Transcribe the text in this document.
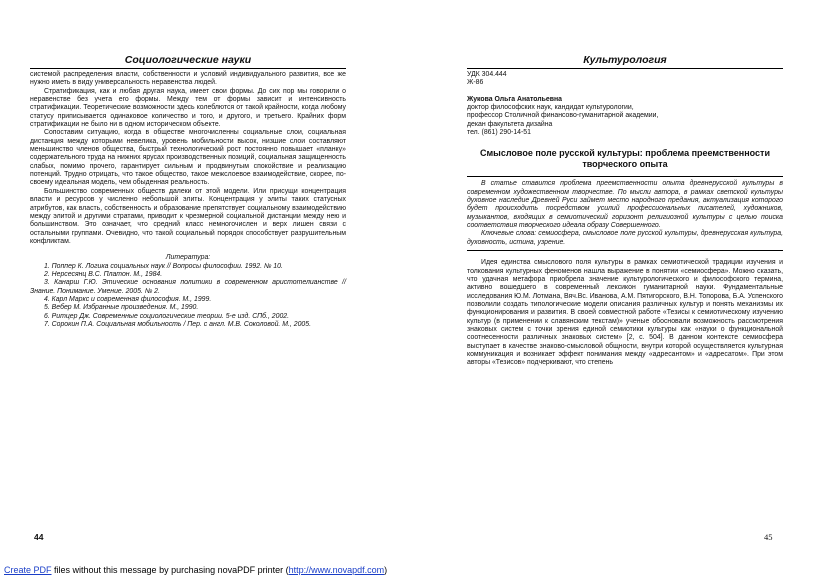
Социологические науки

системой распределения власти, собственности и условий индивидуального развития, все же нужно иметь в виду универсальность неравенства людей.

Стратификация, как и любая другая наука, имеет свои формы. До сих пор мы говорили о неравенстве без учета его формы. Между тем от формы зависит и интенсивность стратификации. Теоретические возможности здесь колеблются от такой крайности, когда любому статусу приписывается одинаковое количество и того, и другого, и третьего. Крайних форм стратификации не было ни в одном историческом объекте.

Сопоставим ситуацию, когда в обществе многочисленны социальные слои, социальная дистанция между которыми невелика, уровень мобильности высок, низшие слои составляют меньшинство членов общества, быстрый технологический рост постоянно повышает «планку» содержательного труда на нижних ярусах производственных позиций, социальная защищенность слабых, помимо прочего, гарантирует сильным и продвинутым спокойствие и реализацию потенций. Трудно отрицать, что такое общество, такое межслоевое взаимодействие, скорее, по-своему идеальная модель, чем обыденная реальность.

Большинство современных обществ далеки от этой модели. Или присущи концентрация власти и ресурсов у численно небольшой элиты. Концентрация у элиты таких статусных атрибутов, как власть, собственность и образование препятствует социальному взаимодействию между элитой и другими стратами, приводит к чрезмерной социальной дистанции между нею и большинством. Это означает, что средний класс немногочислен и верх лишен связи с остальными группами. Очевидно, что такой социальный порядок способствует разрушительным конфликтам.

Литература:

1. Поппер К. Логика социальных наук // Вопросы философии. 1992. № 10.

2. Нерсесянц В.С. Платон. М., 1984.

3. Канарш Г.Ю. Этические основания политики в современном аристотелианстве // Знание. Понимание. Умение. 2005. № 2.

4. Карл Маркс и современная философия. М., 1999.

5. Вебер М. Избранные произведения. М., 1990.

6. Ритцер Дж. Современные социологические теории. 5-е изд. СПб., 2002.

7. Сорокин П.А. Социальная мобильность / Пер. с англ. М.В. Соколовой. М., 2005.

44
Культурология

УДК 304.444

Ж-86

Жукова Ольга Анатольевна

доктор философских наук, кандидат культурологии,

профессор Столичной финансово-гуманитарной академии,

декан факультета дизайна

тел. (861) 290-14-51

Смысловое поле русской культуры: проблема преемственности творческого опыта

В статье ставится проблема преемственности опыта древнерусской культуры в современном художественном творчестве. По мысли автора, в рамках светской культуры духовное наследие Древней Руси займет место народного предания, актуализация которого будет происходить посредством усилий профессиональных писателей, художников, музыкантов, входящих в семиотический горизонт религиозной культуры с целью поиска соответствия творческого идеала образу Совершенного.

Ключевые слова: семиосфера, смысловое поле русской культуры, древнерусская культура, духовность, истина, узрение.

Идея единства смыслового поля культуры в рамках семиотической традиции изучения и толкования культурных феноменов нашла выражение в понятии «семиосфера». Можно сказать, что удачная метафора приобрела значение культурологического и философского термина, активно вошедшего в современный лексикон гуманитарной науки. Фундаментальные исследования Ю.М. Лотмана, Вяч.Вс. Иванова, А.М. Пятигорского, В.Н. Топорова, Б.А. Успенского позволили создать типологические модели описания различных культур и понять механизмы их функционирования и развития. В своей совместной работе «Тезисы к семиотическому изучению культур (в применении к славянским текстам)» ученые обосновали возможность рассмотрения знаковых систем с точки зрения единой семиотики культуры как «науки о функциональной соотнесенности различных знаковых систем» [2, с. 504]. В данном контексте семиосфера выступает в качестве знаково-смысловой общности, внутри которой осуществляется культурная коммуникация и возникает эффект понимания между «адресантом» и «адресатом». При этом авторы «Тезисов» подчеркивают, что степень

45
Create PDF files without this message by purchasing novaPDF printer (http://www.novapdf.com)
